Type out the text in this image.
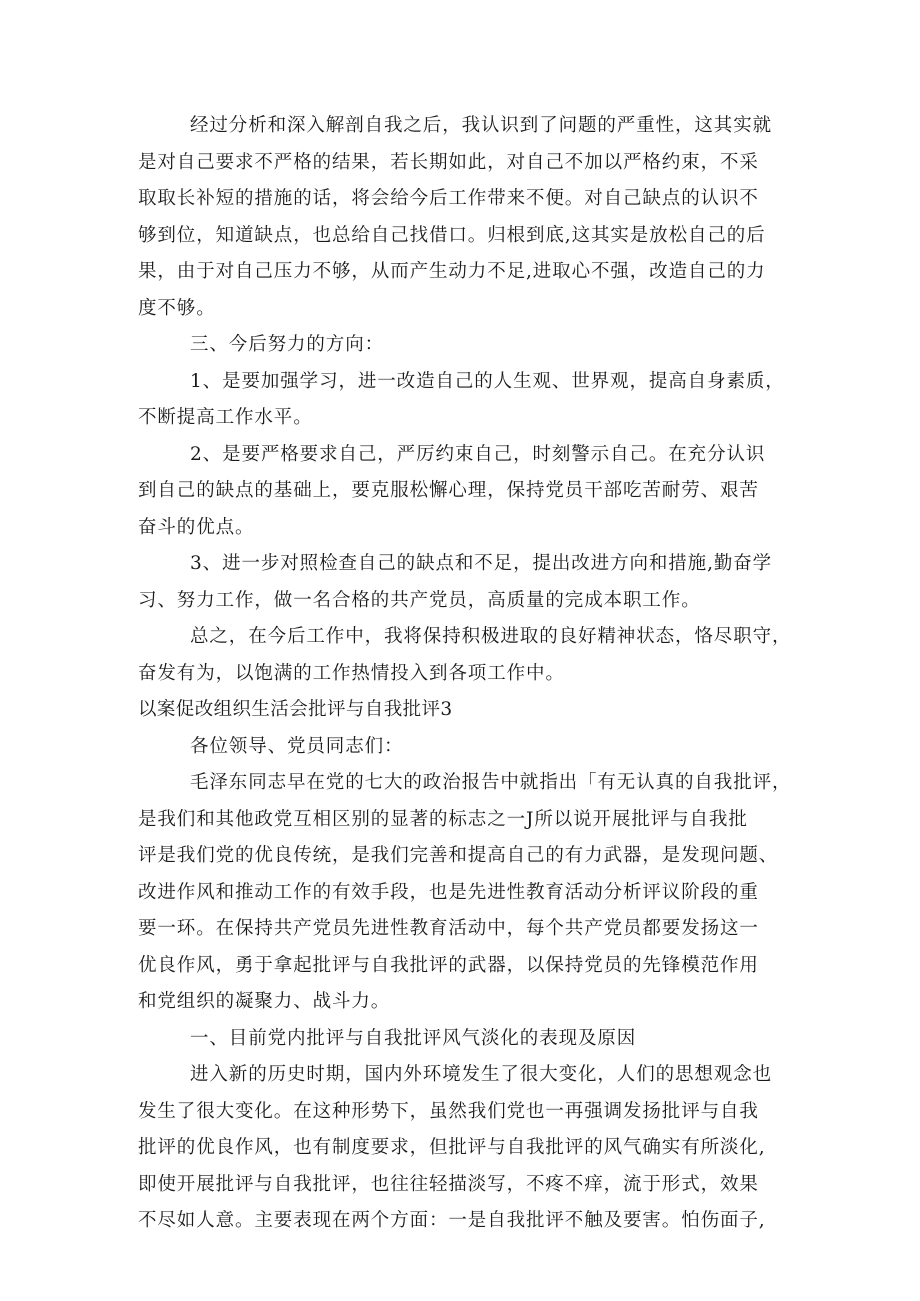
经过分析和深入解剖自我之后，我认识到了问题的严重性，这其实就
是对自己要求不严格的结果，若长期如此，对自己不加以严格约束，不采
取取长补短的措施的话，将会给今后工作带来不便。对自己缺点的认识不
够到位，知道缺点，也总给自己找借口。归根到底,这其实是放松自己的后
果，由于对自己压力不够，从而产生动力不足,进取心不强，改造自己的力
度不够。
三、今后努力的方向：
1、是要加强学习，进一改造自己的人生观、世界观，提高自身素质，
不断提高工作水平。
2、是要严格要求自己，严厉约束自己，时刻警示自己。在充分认识
到自己的缺点的基础上，要克服松懈心理，保持党员干部吃苦耐劳、艰苦
奋斗的优点。
3、进一步对照检查自己的缺点和不足，提出改进方向和措施,勤奋学
习、努力工作，做一名合格的共产党员，高质量的完成本职工作。
总之，在今后工作中，我将保持积极进取的良好精神状态，恪尽职守，
奋发有为，以饱满的工作热情投入到各项工作中。
以案促改组织生活会批评与自我批评3
各位领导、党员同志们：
毛泽东同志早在党的七大的政治报告中就指出「有无认真的自我批评，
是我们和其他政党互相区别的显著的标志之一J所以说开展批评与自我批
评是我们党的优良传统，是我们完善和提高自己的有力武器，是发现问题、
改进作风和推动工作的有效手段，也是先进性教育活动分析评议阶段的重
要一环。在保持共产党员先进性教育活动中，每个共产党员都要发扬这一
优良作风，勇于拿起批评与自我批评的武器，以保持党员的先锋模范作用
和党组织的凝聚力、战斗力。
一、目前党内批评与自我批评风气淡化的表现及原因
进入新的历史时期，国内外环境发生了很大变化，人们的思想观念也
发生了很大变化。在这种形势下，虽然我们党也一再强调发扬批评与自我
批评的优良作风，也有制度要求，但批评与自我批评的风气确实有所淡化,
即使开展批评与自我批评，也往往轻描淡写，不疼不痒，流于形式，效果
不尽如人意。主要表现在两个方面：一是自我批评不触及要害。怕伤面子,
